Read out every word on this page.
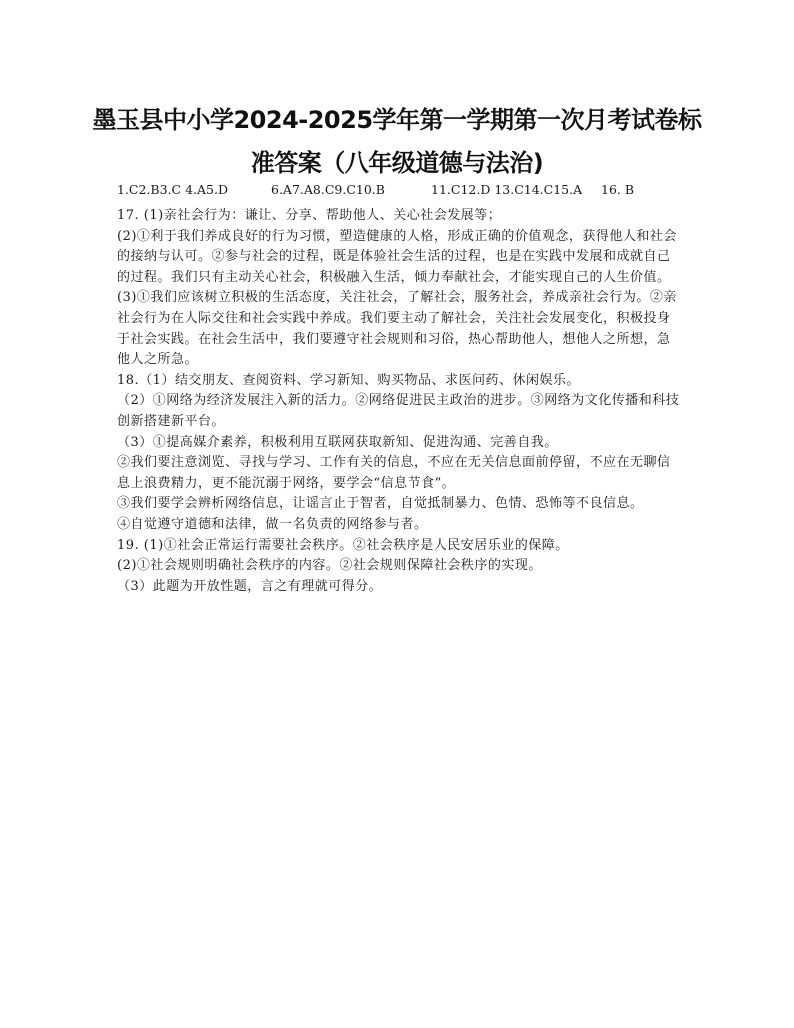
墨玉县中小学2024-2025学年第一学期第一次月考试卷标
准答案（八年级道德与法治)
1.C2.B3.C 4.A5.D	6.A7.A8.C9.C10.B	11.C12.D 13.C14.C15.A 16. B

17. (1)亲社会行为：谦让、分享、帮助他人、关心社会发展等；

(2)①利于我们养成良好的行为习惯，塑造健康的人格，形成正确的价值观念，获得他人和社会的接纳与认可。②参与社会的过程，既是体验社会生活的过程，也是在实践中发展和成就自己的过程。我们只有主动关心社会，积极融入生活，倾力奉献社会，才能实现自己的人生价值。

(3)①我们应该树立积极的生活态度，关注社会，了解社会，服务社会，养成亲社会行为。②亲社会行为在人际交往和社会实践中养成。我们要主动了解社会，关注社会发展变化，积极投身于社会实践。在社会生活中，我们要遵守社会规则和习俗，热心帮助他人，想他人之所想，急他人之所急。

18.（1）结交朋友、查阅资料、学习新知、购买物品、求医问药、休闲娱乐。

（2）①网络为经济发展注入新的活力。②网络促进民主政治的进步。③网络为文化传播和科技创新搭建新平台。

（3）①提高媒介素养，积极利用互联网获取新知、促进沟通、完善自我。

②我们要注意浏览、寻找与学习、工作有关的信息，不应在无关信息面前停留，不应在无聊信息上浪费精力，更不能沉溺于网络，要学会“信息节食”。

③我们要学会辨析网络信息，让谣言止于智者，自觉抵制暴力、色情、恐怖等不良信息。

④自觉遵守道德和法律，做一名负责的网络参与者。

19. (1)①社会正常运行需要社会秩序。②社会秩序是人民安居乐业的保障。

(2)①社会规则明确社会秩序的内容。②社会规则保障社会秩序的实现。

（3）此题为开放性题，言之有理就可得分。
